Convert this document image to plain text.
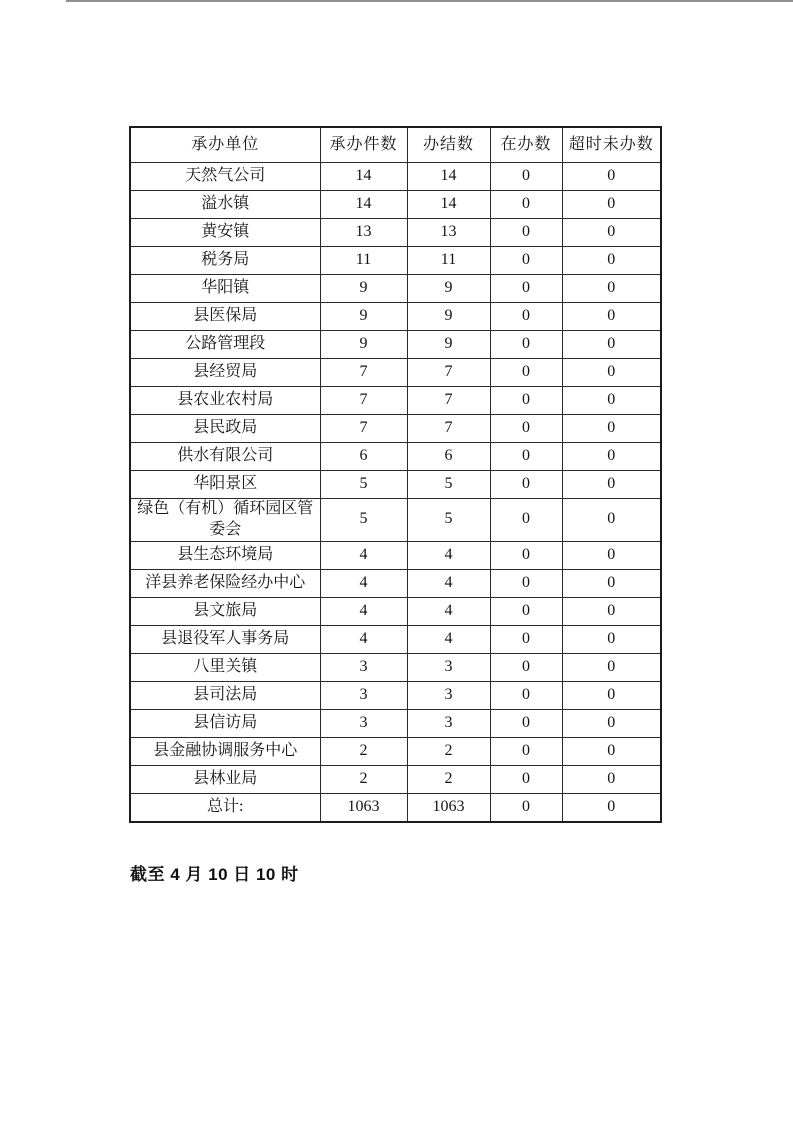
承办单位	承办件数	办结数	在办数	超时未办数
天然气公司	14	14	0	0
溢水镇	14	14	0	0
黄安镇	13	13	0	0
税务局	11	11	0	0
华阳镇	9	9	0	0
县医保局	9	9	0	0
公路管理段	9	9	0	0
县经贸局	7	7	0	0
县农业农村局	7	7	0	0
县民政局	7	7	0	0
供水有限公司	6	6	0	0
华阳景区	5	5	0	0
绿色（有机）循环园区管委会	5	5	0	0
县生态环境局	4	4	0	0
洋县养老保险经办中心	4	4	0	0
县文旅局	4	4	0	0
县退役军人事务局	4	4	0	0
八里关镇	3	3	0	0
县司法局	3	3	0	0
县信访局	3	3	0	0
县金融协调服务中心	2	2	0	0
县林业局	2	2	0	0
总计:	1063	1063	0	0
截至 4 月 10 日 10 时
